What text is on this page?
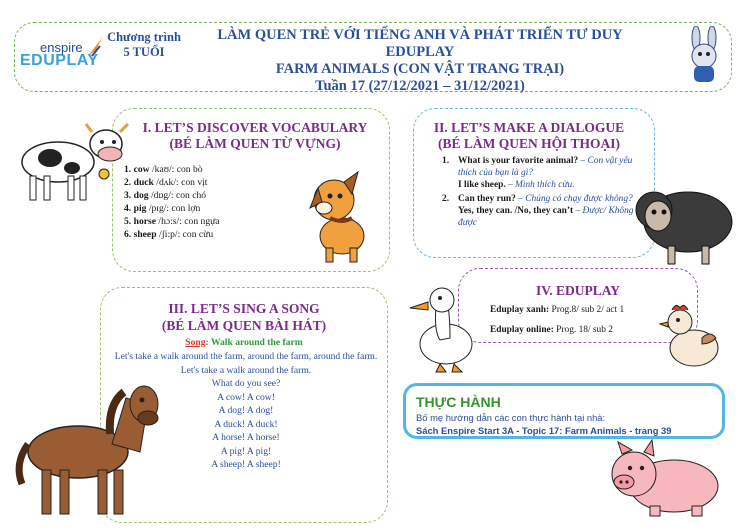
enspire
EDUPLAY
Chương trình
5 TUỔI
LÀM QUEN TRẺ VỚI TIẾNG ANH VÀ PHÁT TRIỂN TƯ DUY EDUPLAY
FARM ANIMALS (CON VẬT TRANG TRẠI)
Tuần 17 (27/12/2021 – 31/12/2021)
I. LET’S DISCOVER VOCABULARY
(BÉ LÀM QUEN TỪ VỰNG)
1. cow /kaʊ/: con bò
2. duck /dʌk/: con vịt
3. dog /dɒg/: con chó
4. pig /pɪg/: con lợn
5. horse /hɔ:s/: con ngựa
6. sheep /ʃi:p/: con cừu
II. LET’S MAKE A DIALOGUE
(BÉ LÀM QUEN HỘI THOẠI)
1. What is your favorite animal? – Con vật yêu thích của bạn là gì?
I like sheep. – Mình thích cừu.
2. Can they run? – Chúng có chạy được không?
Yes, they can. /No, they can’t – Được/ Không được
IV. EDUPLAY
Eduplay xanh: Prog.8/ sub 2/ act 1
Eduplay online: Prog. 18/ sub 2
III. LET’S SING A SONG
(BÉ LÀM QUEN BÀI HÁT)
Song: Walk around the farm
Let's take a walk around the farm, around the farm, around the farm.
Let's take a walk around the farm.
What do you see?
A cow! A cow!
A dog! A dog!
A duck! A duck!
A horse! A horse!
A pig! A pig!
A sheep! A sheep!
THỰC HÀNH
Bố mẹ hướng dẫn các con thực hành tại nhà:
Sách Enspire Start 3A - Topic 17: Farm Animals - trang 39
